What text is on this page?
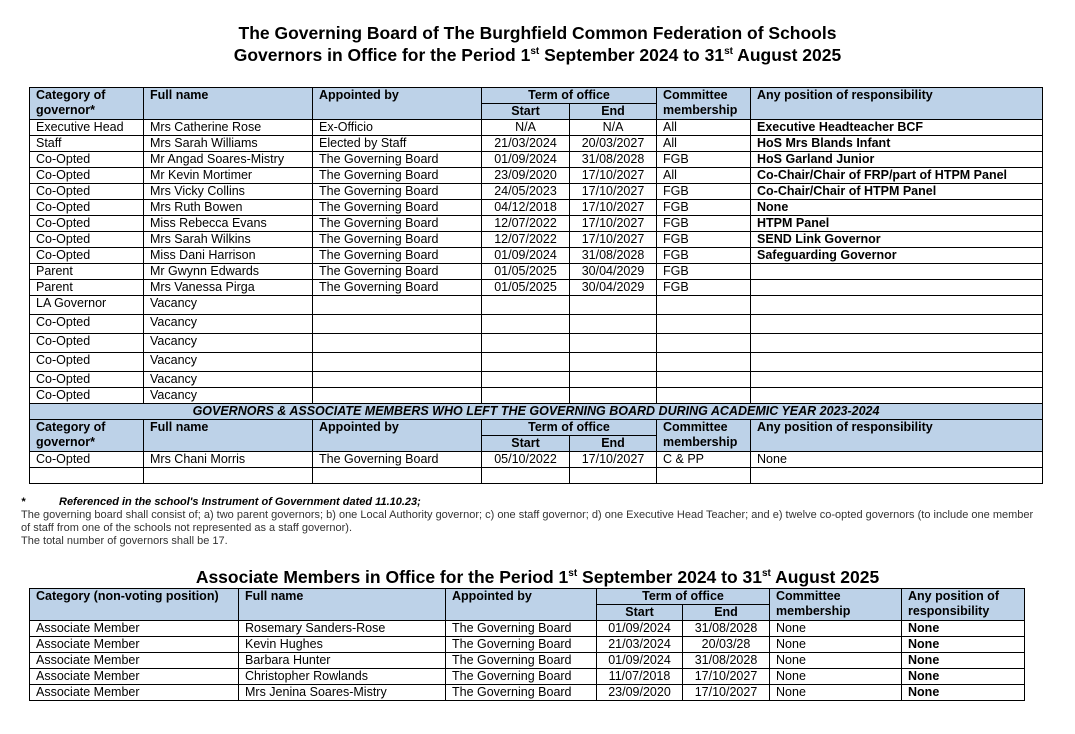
The Governing Board of The Burghfield Common Federation of Schools
Governors in Office for the Period 1st September 2024 to 31st August 2025
Category of governor*	Full name	Appointed by	Term of office		Committee membership	Any position of responsibility
			Start	End		
Executive Head	Mrs Catherine Rose	Ex-Officio	N/A	N/A	All	Executive Headteacher BCF
Staff	Mrs Sarah Williams	Elected by Staff	21/03/2024	20/03/2027	All	HoS Mrs Blands Infant
Co-Opted	Mr Angad Soares-Mistry	The Governing Board	01/09/2024	31/08/2028	FGB	HoS Garland Junior
Co-Opted	Mr Kevin Mortimer	The Governing Board	23/09/2020	17/10/2027	All	Co-Chair/Chair of FRP/part of HTPM Panel
Co-Opted	Mrs Vicky Collins	The Governing Board	24/05/2023	17/10/2027	FGB	Co-Chair/Chair of HTPM Panel
Co-Opted	Mrs Ruth Bowen	The Governing Board	04/12/2018	17/10/2027	FGB	None
Co-Opted	Miss Rebecca Evans	The Governing Board	12/07/2022	17/10/2027	FGB	HTPM Panel
Co-Opted	Mrs Sarah Wilkins	The Governing Board	12/07/2022	17/10/2027	FGB	SEND Link Governor
Co-Opted	Miss Dani Harrison	The Governing Board	01/09/2024	31/08/2028	FGB	Safeguarding Governor
Parent	Mr Gwynn Edwards	The Governing Board	01/05/2025	30/04/2029	FGB	
Parent	Mrs Vanessa Pirga	The Governing Board	01/05/2025	30/04/2029	FGB	
LA Governor	Vacancy					
Co-Opted	Vacancy					
Co-Opted	Vacancy					
Co-Opted	Vacancy					
Co-Opted	Vacancy					
Co-Opted	Vacancy					
GOVERNORS & ASSOCIATE MEMBERS WHO LEFT THE GOVERNING BOARD DURING ACADEMIC YEAR 2023-2024						
Category of governor*	Full name	Appointed by	Term of office		Committee membership	Any position of responsibility
			Start	End		
Co-Opted	Mrs Chani Morris	The Governing Board	05/10/2022	17/10/2027	C & PP	None

*	Referenced in the school's Instrument of Government dated 11.10.23;

The governing board shall consist of; a) two parent governors; b) one Local Authority governor; c) one staff governor; d) one Executive Head Teacher; and e) twelve co-opted governors (to include one member of staff from one of the schools not represented as a staff governor).

The total number of governors shall be 17.

Associate Members in Office for the Period 1st September 2024 to 31st August 2025
Category (non-voting position)	Full name	Appointed by	Term of office		Committee membership	Any position of responsibility
			Start	End		
Associate Member	Rosemary Sanders-Rose	The Governing Board	01/09/2024	31/08/2028	None	None
Associate Member	Kevin Hughes	The Governing Board	21/03/2024	20/03/28	None	None
Associate Member	Barbara Hunter	The Governing Board	01/09/2024	31/08/2028	None	None
Associate Member	Christopher Rowlands	The Governing Board	11/07/2018	17/10/2027	None	None
Associate Member	Mrs Jenina Soares-Mistry	The Governing Board	23/09/2020	17/10/2027	None	None
